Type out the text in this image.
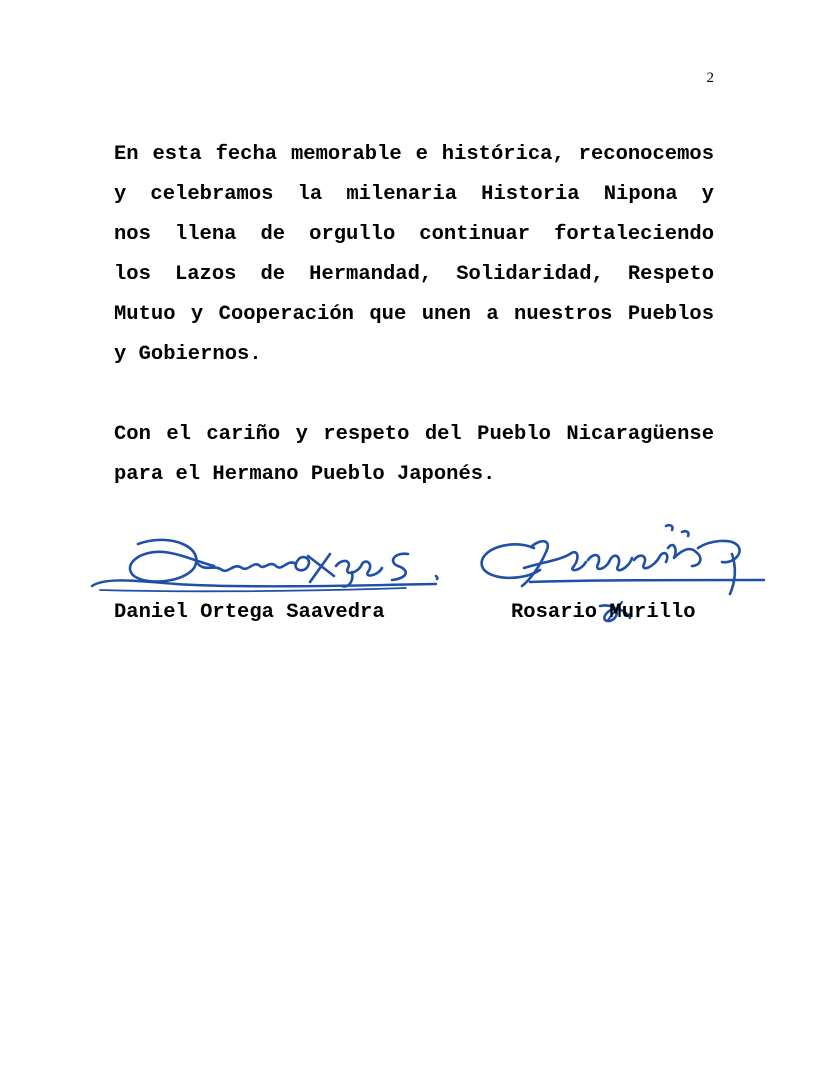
2
En esta fecha memorable e histórica, reconocemos
y celebramos la milenaria Historia Nipona y
nos llena de orgullo continuar fortaleciendo
los Lazos de Hermandad, Solidaridad, Respeto
Mutuo y Cooperación que unen a nuestros Pueblos
y Gobiernos.
Con el cariño y respeto del Pueblo Nicaragüense
para el Hermano Pueblo Japonés.
Daniel Ortega Saavedra	Rosario Murillo
